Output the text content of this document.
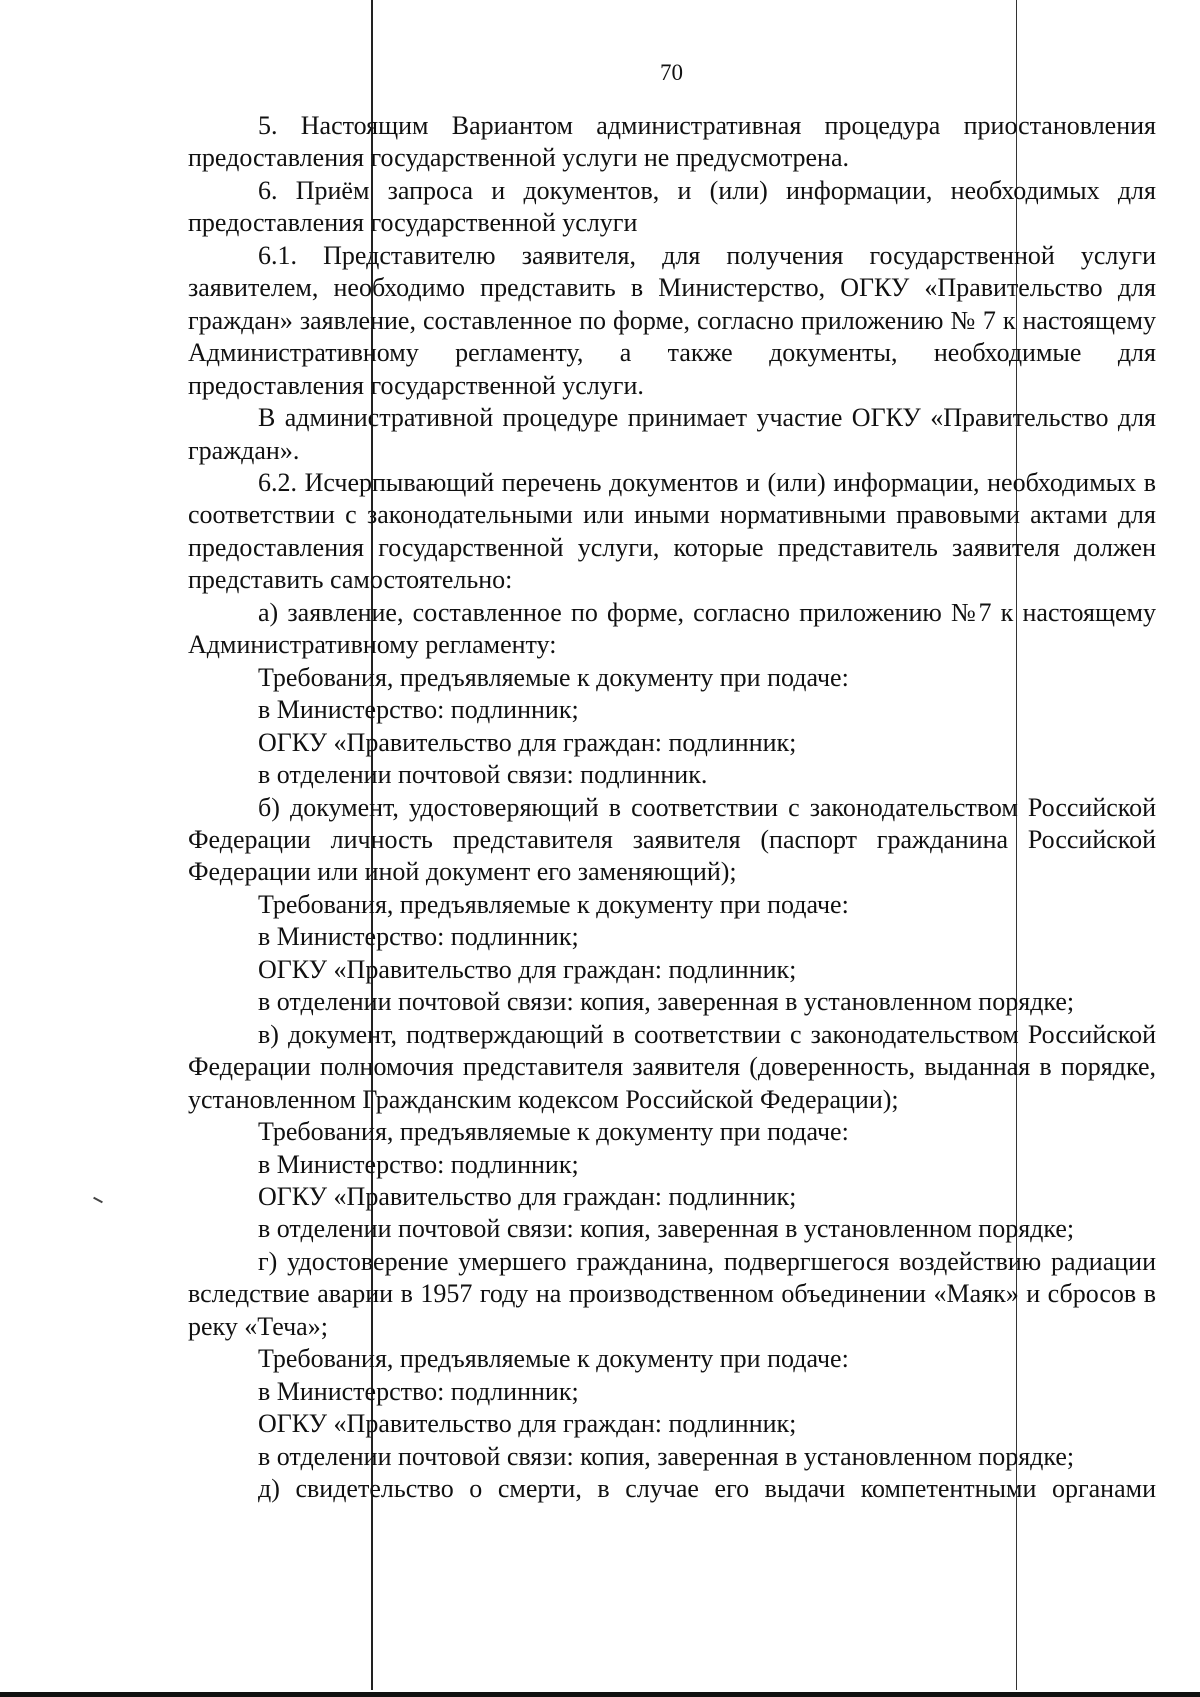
70

5. Настоящим Вариантом административная процедура приостановления предоставления государственной услуги не предусмотрена.

6. Приём запроса и документов, и (или) информации, необходимых для предоставления государственной услуги

6.1. Представителю заявителя, для получения государственной услуги заявителем, необходимо представить в Министерство, ОГКУ «Правительство для граждан» заявление, составленное по форме, согласно приложению № 7 к настоящему Административному регламенту, а также документы, необходимые для предоставления государственной услуги.

В административной процедуре принимает участие ОГКУ «Правительство для граждан».

6.2. Исчерпывающий перечень документов и (или) информации, необходимых в соответствии с законодательными или иными нормативными правовыми актами для предоставления государственной услуги, которые представитель заявителя должен представить самостоятельно:

а) заявление, составленное по форме, согласно приложению №7 к настоящему Административному регламенту:

Требования, предъявляемые к документу при подаче:

в Министерство: подлинник;

ОГКУ «Правительство для граждан: подлинник;

в отделении почтовой связи: подлинник.

б) документ, удостоверяющий в соответствии с законодательством Российской Федерации личность представителя заявителя (паспорт гражданина Российской Федерации или иной документ его заменяющий);

Требования, предъявляемые к документу при подаче:

в Министерство: подлинник;

ОГКУ «Правительство для граждан: подлинник;

в отделении почтовой связи: копия, заверенная в установленном порядке;

в) документ, подтверждающий в соответствии с законодательством Российской Федерации полномочия представителя заявителя (доверенность, выданная в порядке, установленном Гражданским кодексом Российской Федерации);

Требования, предъявляемые к документу при подаче:

в Министерство: подлинник;

ОГКУ «Правительство для граждан: подлинник;

в отделении почтовой связи: копия, заверенная в установленном порядке;

г) удостоверение умершего гражданина, подвергшегося воздействию радиации вследствие аварии в 1957 году на производственном объединении «Маяк» и сбросов в реку «Теча»;

Требования, предъявляемые к документу при подаче:

в Министерство: подлинник;

ОГКУ «Правительство для граждан: подлинник;

в отделении почтовой связи: копия, заверенная в установленном порядке;

д) свидетельство о смерти, в случае его выдачи компетентными органами
